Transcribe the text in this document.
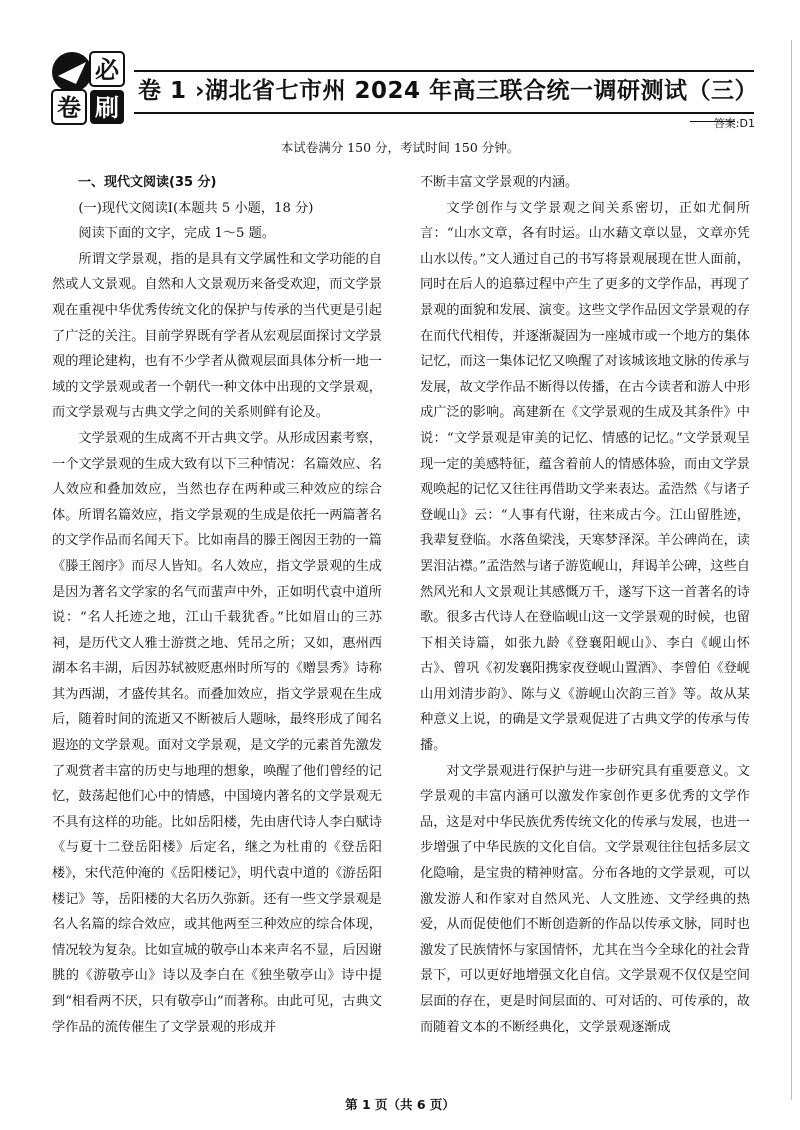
必
卷 刷
卷 1 ›湖北省七市州 2024 年高三联合统一调研测试（三）
答案:D1
本试卷满分 150 分，考试时间 150 分钟。

一、现代文阅读(35 分)

(一)现代文阅读Ⅰ(本题共 5 小题，18 分)

阅读下面的文字，完成 1～5 题。

所谓文学景观，指的是具有文学属性和文学功能的自然或人文景观。自然和人文景观历来备受欢迎，而文学景观在重视中华优秀传统文化的保护与传承的当代更是引起了广泛的关注。目前学界既有学者从宏观层面探讨文学景观的理论建构，也有不少学者从微观层面具体分析一地一域的文学景观或者一个朝代一种文体中出现的文学景观，而文学景观与古典文学之间的关系则鲜有论及。

文学景观的生成离不开古典文学。从形成因素考察，一个文学景观的生成大致有以下三种情况：名篇效应、名人效应和叠加效应，当然也存在两种或三种效应的综合体。所谓名篇效应，指文学景观的生成是依托一两篇著名的文学作品而名闻天下。比如南昌的滕王阁因王勃的一篇《滕王阁序》而尽人皆知。名人效应，指文学景观的生成是因为著名文学家的名气而蜚声中外，正如明代袁中道所说：“名人托迹之地，江山千载犹香。”比如眉山的三苏祠，是历代文人雅士游赏之地、凭吊之所；又如，惠州西湖本名丰湖，后因苏轼被贬惠州时所写的《赠昙秀》诗称其为西湖，才盛传其名。而叠加效应，指文学景观在生成后，随着时间的流逝又不断被后人题咏，最终形成了闻名遐迩的文学景观。面对文学景观，是文学的元素首先激发了观赏者丰富的历史与地理的想象，唤醒了他们曾经的记忆，鼓荡起他们心中的情感，中国境内著名的文学景观无不具有这样的功能。比如岳阳楼，先由唐代诗人李白赋诗《与夏十二登岳阳楼》后定名，继之为杜甫的《登岳阳楼》，宋代范仲淹的《岳阳楼记》，明代袁中道的《游岳阳楼记》等，岳阳楼的大名历久弥新。还有一些文学景观是名人名篇的综合效应，或其他两至三种效应的综合体现，情况较为复杂。比如宣城的敬亭山本来声名不显，后因谢朓的《游敬亭山》诗以及李白在《独坐敬亭山》诗中提到“相看两不厌，只有敬亭山”而著称。由此可见，古典文学作品的流传催生了文学景观的形成并

不断丰富文学景观的内涵。

文学创作与文学景观之间关系密切，正如尤侗所言：“山水文章，各有时运。山水藉文章以显，文章亦凭山水以传。”文人通过自己的书写将景观展现在世人面前，同时在后人的追慕过程中产生了更多的文学作品，再现了景观的面貌和发展、演变。这些文学作品因文学景观的存在而代代相传，并逐渐凝固为一座城市或一个地方的集体记忆，而这一集体记忆又唤醒了对该城该地文脉的传承与发展，故文学作品不断得以传播，在古今读者和游人中形成广泛的影响。高建新在《文学景观的生成及其条件》中说：“文学景观是审美的记忆、情感的记忆。”文学景观呈现一定的美感特征，蕴含着前人的情感体验，而由文学景观唤起的记忆又往往再借助文学来表达。孟浩然《与诸子登岘山》云：“人事有代谢，往来成古今。江山留胜迹，我辈复登临。水落鱼梁浅，天寒梦泽深。羊公碑尚在，读罢泪沾襟。”孟浩然与诸子游览岘山，拜谒羊公碑，这些自然风光和人文景观让其感慨万千，遂写下这一首著名的诗歌。很多古代诗人在登临岘山这一文学景观的时候，也留下相关诗篇，如张九龄《登襄阳岘山》、李白《岘山怀古》、曾巩《初发襄阳携家夜登岘山置酒》、李曾伯《登岘山用刘清步韵》、陈与义《游岘山次韵三首》等。故从某种意义上说，的确是文学景观促进了古典文学的传承与传播。

对文学景观进行保护与进一步研究具有重要意义。文学景观的丰富内涵可以激发作家创作更多优秀的文学作品，这是对中华民族优秀传统文化的传承与发展，也进一步增强了中华民族的文化自信。文学景观往往包括多层文化隐喻，是宝贵的精神财富。分布各地的文学景观，可以激发游人和作家对自然风光、人文胜迹、文学经典的热爱，从而促使他们不断创造新的作品以传承文脉，同时也激发了民族情怀与家国情怀，尤其在当今全球化的社会背景下，可以更好地增强文化自信。文学景观不仅仅是空间层面的存在，更是时间层面的、可对话的、可传承的，故而随着文本的不断经典化，文学景观逐渐成

第 1 页（共 6 页）
